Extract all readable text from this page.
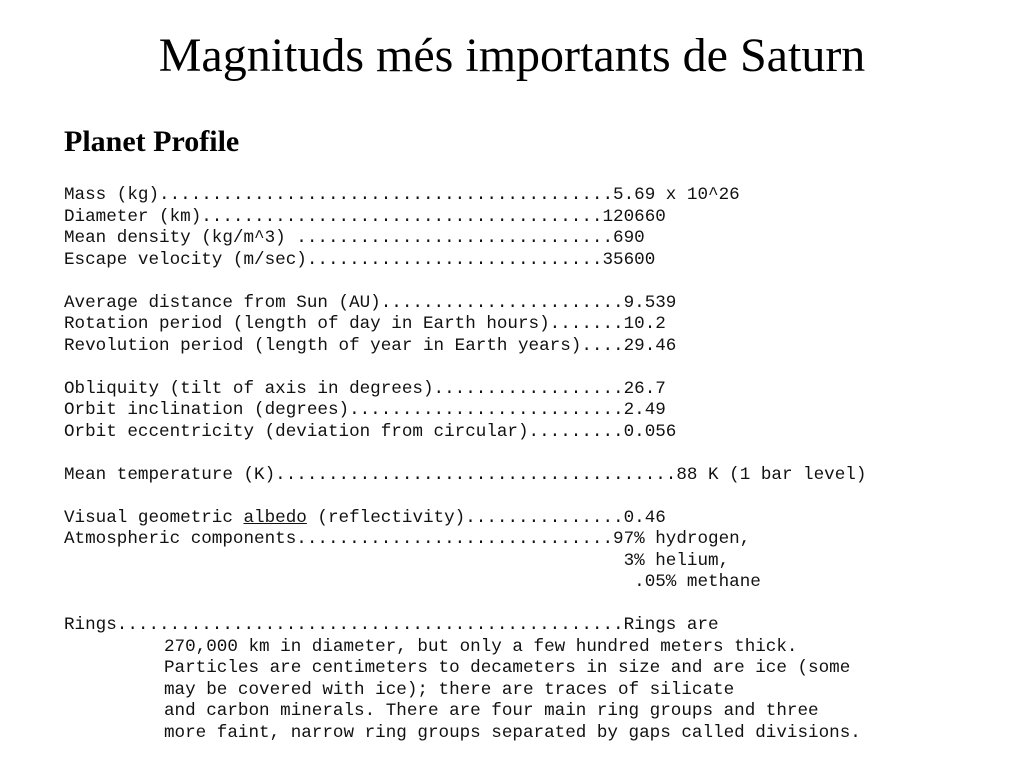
Magnituds més importants de Saturn
Planet Profile
Mass (kg)...........................................5.69 x 10^26
Diameter (km)......................................120660
Mean density (kg/m^3) ..............................690
Escape velocity (m/sec)............................35600
Average distance from Sun (AU).......................9.539
Rotation period (length of day in Earth hours).......10.2
Revolution period (length of year in Earth years)....29.46
Obliquity (tilt of axis in degrees)..................26.7
Orbit inclination (degrees)..........................2.49
Orbit eccentricity (deviation from circular).........0.056
Mean temperature (K)......................................88 K (1 bar level)
Visual geometric albedo (reflectivity)...............0.46
Atmospheric components..............................97% hydrogen,
3% helium,
.05% methane
Rings................................................Rings are
270,000 km in diameter, but only a few hundred meters thick.
Particles are centimeters to decameters in size and are ice (some
may be covered with ice); there are traces of silicate
and carbon minerals. There are four main ring groups and three
more faint, narrow ring groups separated by gaps called divisions.
